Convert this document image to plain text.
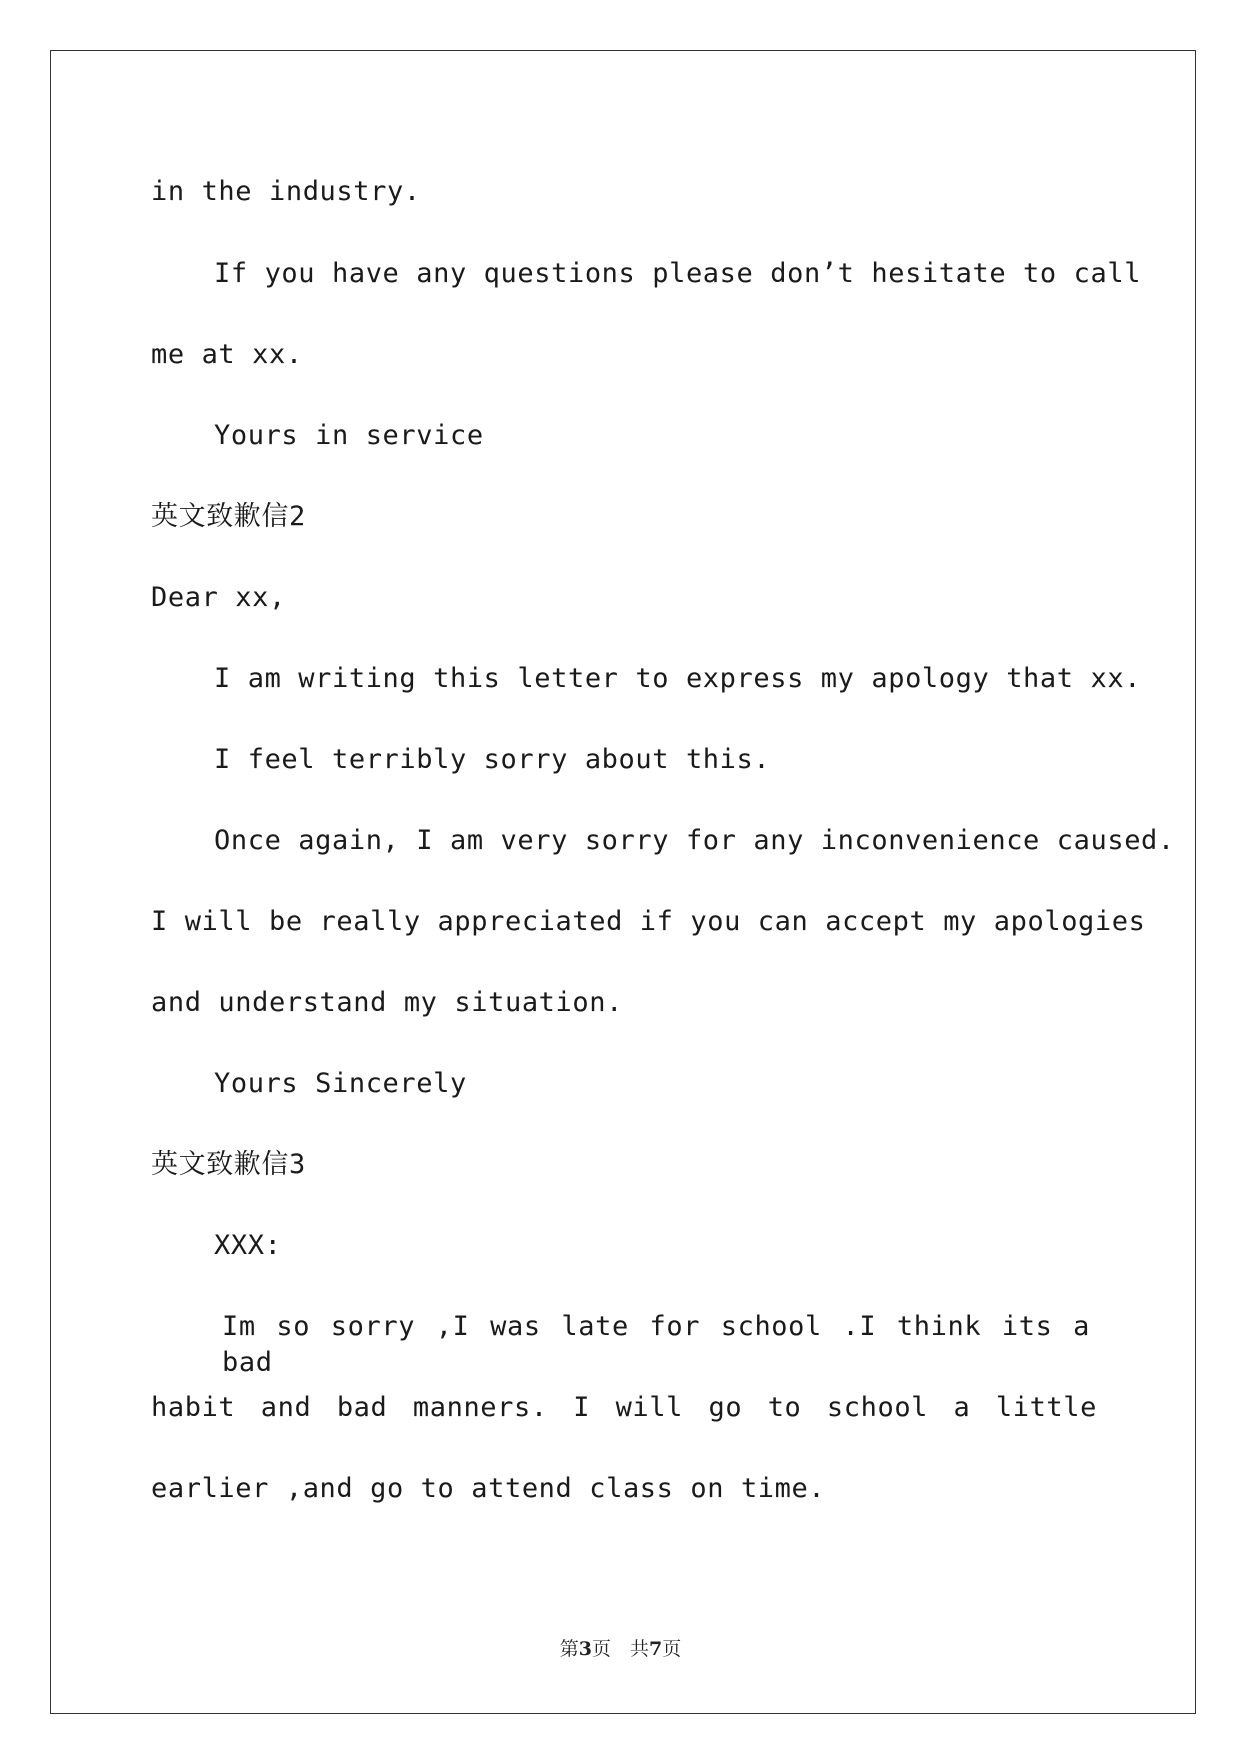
in the industry.
If you have any questions please don’t hesitate to call
me at xx.
Yours in service
英文致歉信2
Dear xx,
I am writing this letter to express my apology that xx.
I feel terribly sorry about this.
Once again, I am very sorry for any inconvenience caused.
I will be really appreciated if you can accept my apologies
and understand my situation.
Yours Sincerely
英文致歉信3
XXX:
Im so sorry ,I was late for school .I think its a bad
habit and bad manners. I will go to school a little
earlier ,and go to attend class on time.
第3页　共7页
